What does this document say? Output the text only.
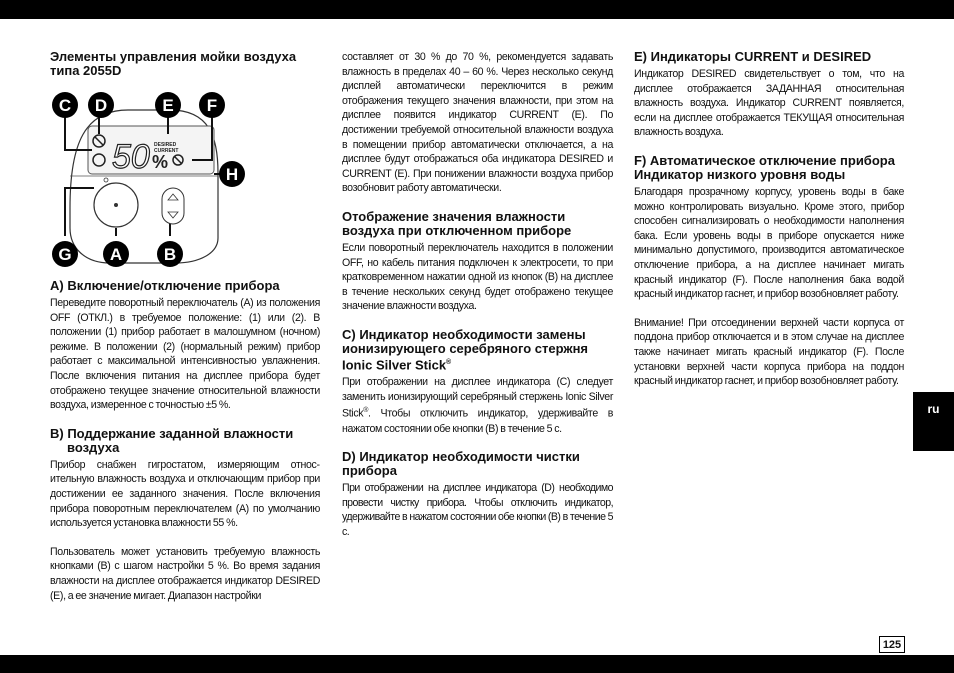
Элементы управления мойки воздуха типа 2055D
50 %
DESIRED
CURRENT
C D	E F
H
G A B
A) Включение/отключение прибора

Переведите поворотный переключатель (A) из положения OFF (ОТКЛ.) в требуемое положение: (1) или (2). В положении (1) прибор работает в малошумном (ночном) режиме. В положении (2) (нормальный режим) прибор работает с максимальной интенсивностью увлажнения. После включения питания на дисплее прибора будет отображено текущее значение относительной влажности воздуха, измеренное с точностью ±5 %.

B) Поддержание заданной влажности воздуха

Прибор снабжен гигростатом, измеряющим относительную влажность воздуха и отключающим прибор при достижении ее заданного значения. После включения прибора поворотным переключателем (A) по умолчанию используется установка влажности 55 %.

Пользователь может установить требуемую влажность кнопками (B) с шагом настройки 5 %. Во время задания влажности на дисплее отображается индикатор DESIRED (E), а ее значение мигает. Диапазон настройки

составляет от 30 % до 70 %, рекомендуется задавать влажность в пределах 40 – 60 %. Через несколько секунд дисплей автоматически переключится в режим отображения текущего значения влажности, при этом на дисплее появится индикатор CURRENT (E). По достижении требуемой относительной влажности воздуха в помещении прибор автоматически отключается, а на дисплее будут отображаться оба индикатора DESIRED и CURRENT (E). При понижении влажности воздуха прибор возобновит работу автоматически.

Отображение значения влажности воздуха при отключенном приборе

Если поворотный переключатель находится в положении OFF, но кабель питания подключен к электросети, то при кратковременном нажатии одной из кнопок (B) на дисплее в течение нескольких секунд будет отображено текущее значение влажности воздуха.

C) Индикатор необходимости замены ионизирующего серебряного стержня Ionic Silver Stick®

При отображении на дисплее индикатора (C) следует заменить ионизирующий серебряный стержень Ionic Silver Stick®. Чтобы отключить индикатор, удерживайте в нажатом состоянии обе кнопки (B) в течение 5 с.

D) Индикатор необходимости чистки прибора

При отображении на дисплее индикатора (D) необходимо провести чистку прибора. Чтобы отключить индикатор, удерживайте в нажатом состоянии обе кнопки (B) в течение 5 с.

E) Индикаторы CURRENT и DESIRED

Индикатор DESIRED свидетельствует о том, что на дисплее отображается ЗАДАННАЯ относительная влажность воздуха. Индикатор CURRENT появляется, если на дисплее отображается ТЕКУЩАЯ относительная влажность воздуха.

F) Автоматическое отключение прибора Индикатор низкого уровня воды

Благодаря прозрачному корпусу, уровень воды в баке можно контролировать визуально. Кроме этого, прибор способен сигнализировать о необходимости наполнения бака. Если уровень воды в приборе опускается ниже минимально допустимого, производится автоматическое отключение прибора, а на дисплее начинает мигать красный индикатор (F). После наполнения бака водой красный индикатор гаснет, и прибор возобновляет работу.

Внимание! При отсоединении верхней части корпуса от поддона прибор отключается и в этом случае на дисплее также начинает мигать красный индикатор (F). После установки верхней части корпуса прибора на поддон красный индикатор гаснет, и прибор возобновляет работу.

ru
125
